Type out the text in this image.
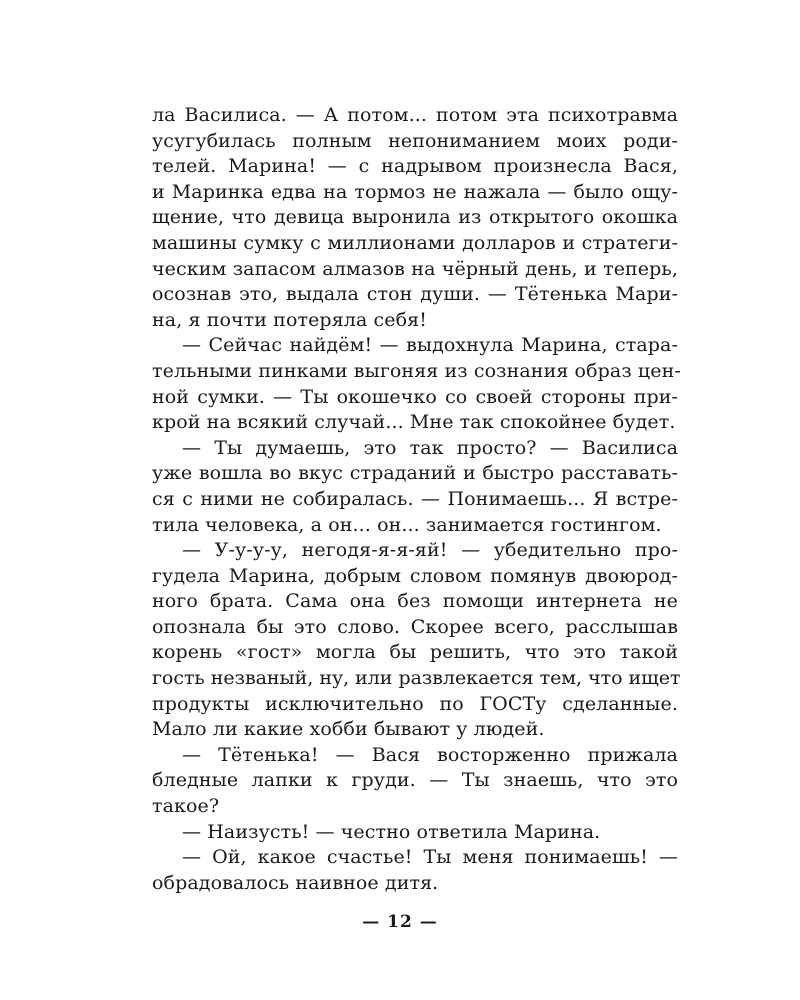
ла Василиса. — А потом... потом эта психотравма
усугубилась полным непониманием моих роди-
телей. Марина! — с надрывом произнесла Вася,
и Маринка едва на тормоз не нажала — было ощу-
щение, что девица выронила из открытого окошка
машины сумку с миллионами долларов и стратеги-
ческим запасом алмазов на чёрный день, и теперь,
осознав это, выдала стон души. — Тётенька Мари-
на, я почти потеряла себя!
— Сейчас найдём! — выдохнула Марина, стара-
тельными пинками выгоняя из сознания образ цен-
ной сумки. — Ты окошечко со своей стороны при-
крой на всякий случай... Мне так спокойнее будет.
— Ты думаешь, это так просто? — Василиса
уже вошла во вкус страданий и быстро расставать-
ся с ними не собиралась. — Понимаешь... Я встре-
тила человека, а он... он... занимается гостингом.
— У-у-у-у, негодя-я-я-яй! — убедительно про-
гудела Марина, добрым словом помянув двоюрод-
ного брата. Сама она без помощи интернета не
опознала бы это слово. Скорее всего, расслышав
корень «гост» могла бы решить, что это такой
гость незваный, ну, или развлекается тем, что ищет
продукты исключительно по ГОСТу сделанные.
Мало ли какие хобби бывают у людей.
— Тётенька! — Вася восторженно прижала
бледные лапки к груди. — Ты знаешь, что это
такое?
— Наизусть! — честно ответила Марина.
— Ой, какое счастье! Ты меня понимаешь! —
обрадовалось наивное дитя.
— 12 —
